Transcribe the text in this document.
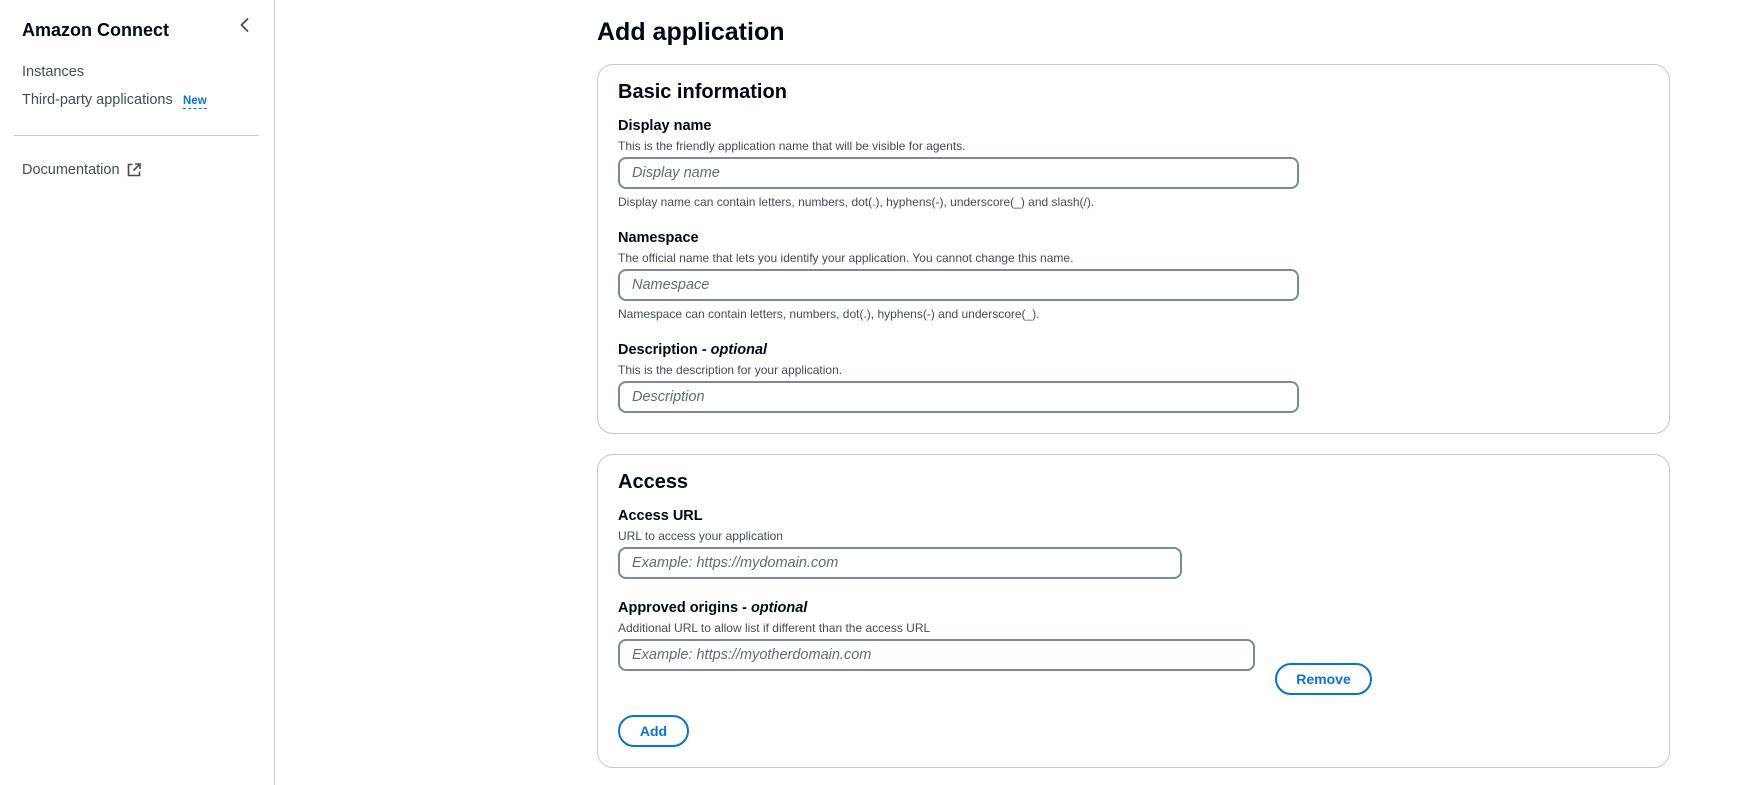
Amazon Connect
Instances
Third-party applications New
Documentation
Add application
Basic information
Display name
This is the friendly application name that will be visible for agents.
Display name
Display name can contain letters, numbers, dot(.), hyphens(-), underscore(_) and slash(/).
Namespace
The official name that lets you identify your application. You cannot change this name.
Namespace
Namespace can contain letters, numbers, dot(.), hyphens(-) and underscore(_).
Description - optional
This is the description for your application.
Description
Access
Access URL
URL to access your application
Example: https://mydomain.com
Approved origins - optional
Additional URL to allow list if different than the access URL
Example: https://myotherdomain.com
Remove
Add
